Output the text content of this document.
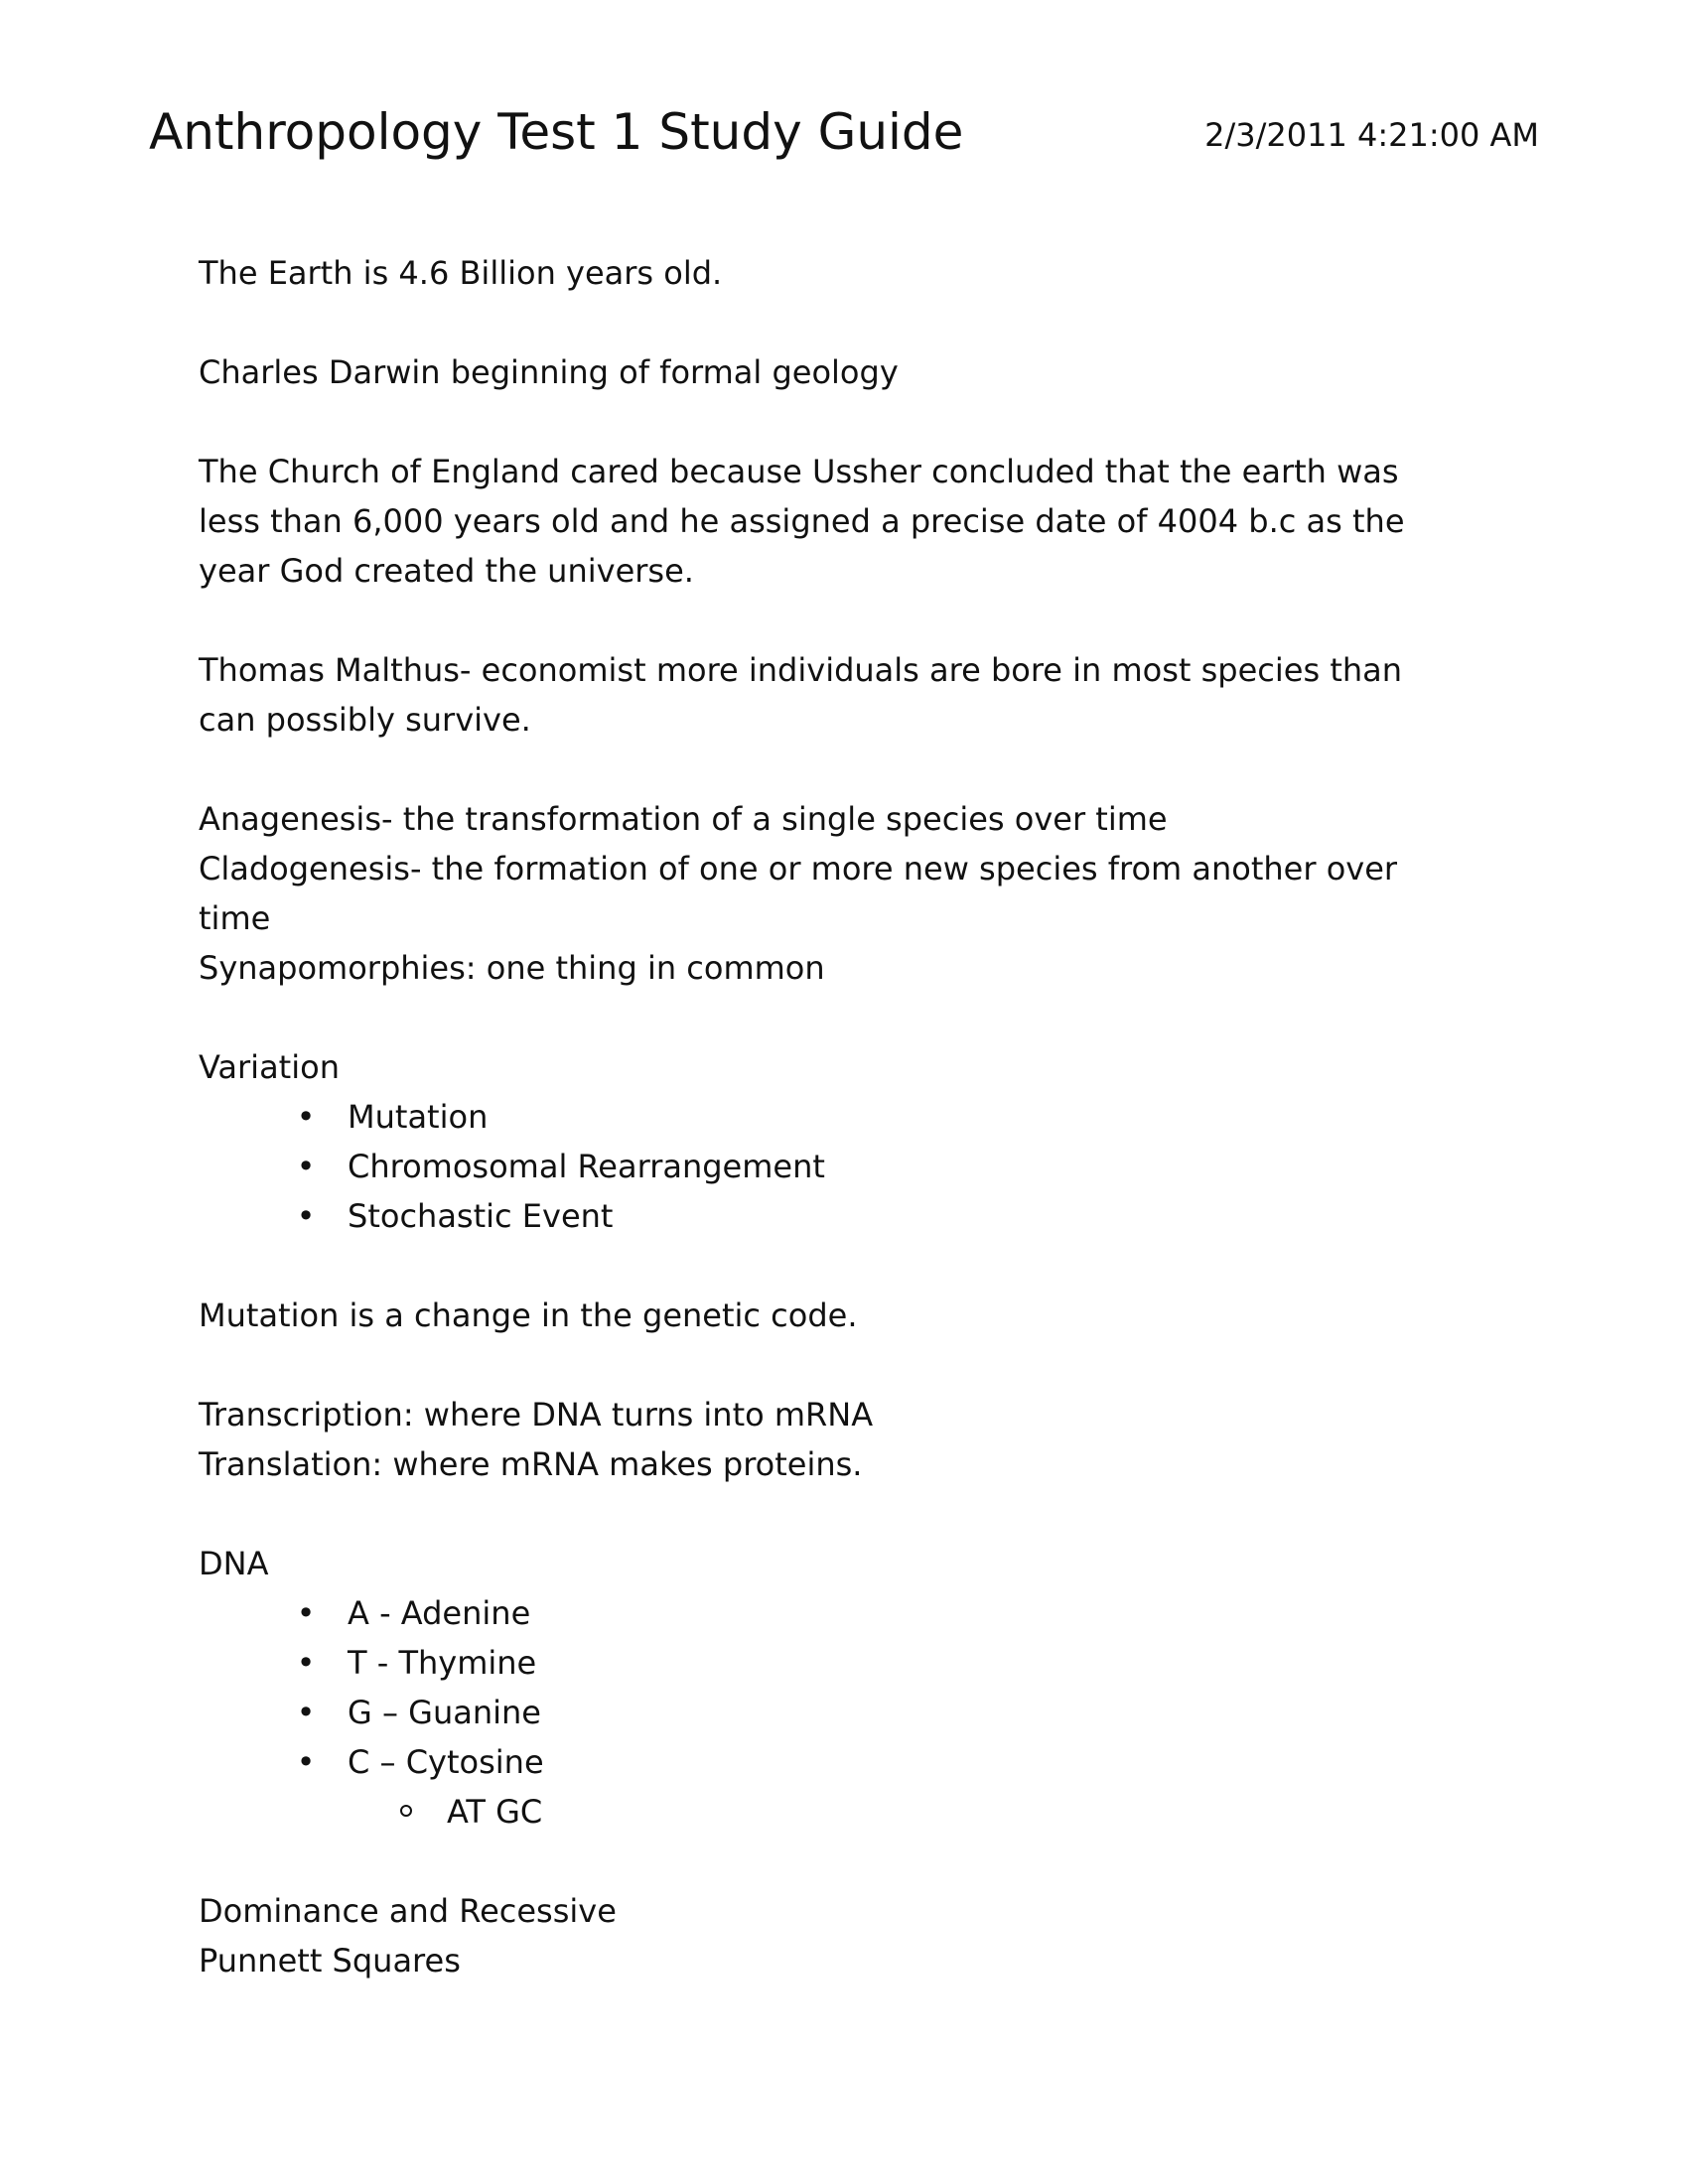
Anthropology Test 1 Study Guide	2/3/2011 4:21:00 AM

The Earth is 4.6 Billion years old.

Charles Darwin beginning of formal geology

The Church of England cared because Ussher concluded that the earth was

less than 6,000 years old and he assigned a precise date of 4004 b.c as the

year God created the universe.

Thomas Malthus- economist more individuals are bore in most species than

can possibly survive.

Anagenesis- the transformation of a single species over time

Cladogenesis- the formation of one or more new species from another over

time

Synapomorphies: one thing in common

Variation

• Mutation
• Chromosomal Rearrangement
• Stochastic Event

Mutation is a change in the genetic code.

Transcription: where DNA turns into mRNA

Translation: where mRNA makes proteins.

DNA

• A - Adenine
• T - Thymine
• G – Guanine
• C – Cytosine
AT GC

Dominance and Recessive

Punnett Squares
